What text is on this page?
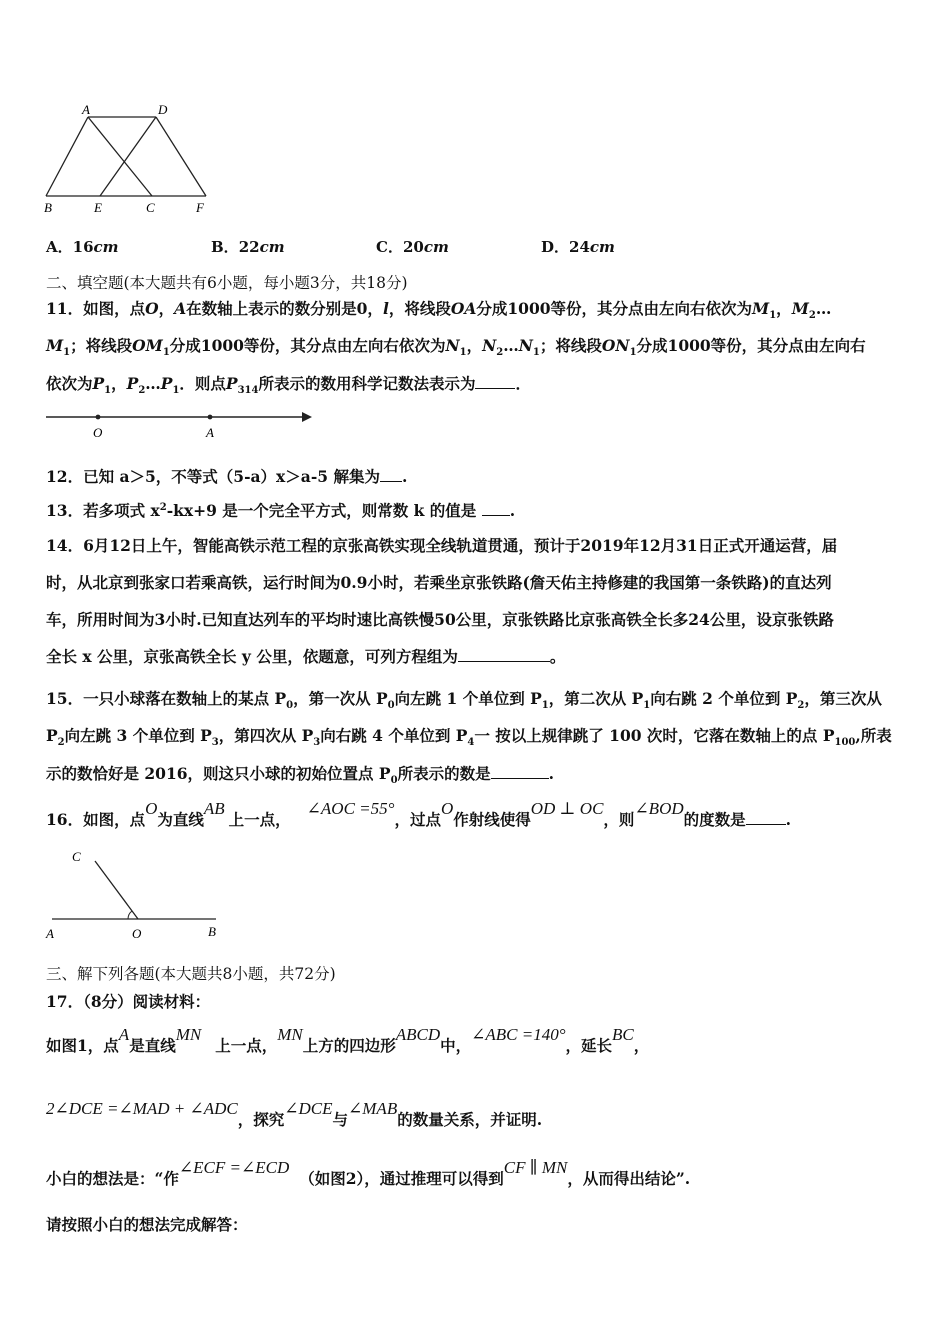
A	D
B	E	C	F
A．16cm	B．22cm	C．20cm	D．24cm
二、填空题(本大题共有6小题，每小题3分，共18分)
11．如图，点O，A在数轴上表示的数分别是0，l，将线段OA分成1000等份，其分点由左向右依次为$M_1$，$M_2\dots$
$M_1$；将线段$OM_1$分成1000等份，其分点由左向右依次为$N_1$，$N_2\dots N_1$；将线段$ON_1$分成1000等份，其分点由左向右
依次为$P_1$，$P_2\dots P_1$．则点$P_{314}$所表示的数用科学记数法表示为	．
O	A
12．已知 a＞5，不等式（5-a）x＞a-5 解集为 .
13．若多项式 $x^2-kx+9$ 是一个完全平方式，则常数 k 的值是 .
14．6月12日上午，智能高铁示范工程的京张高铁实现全线轨道贯通，预计于2019年12月31日正式开通运营，届
时，从北京到张家口若乘高铁，运行时间为0.9小时，若乘坐京张铁路(詹天佑主持修建的我国第一条铁路)的直达列
车，所用时间为3小时.已知直达列车的平均时速比高铁慢50公里，京张铁路比京张高铁全长多24公里，设京张铁路
全长 x 公里，京张高铁全长 y 公里，依题意，可列方程组为	。
15．一只小球落在数轴上的某点 $P_0$，第一次从 $P_0$向左跳 1 个单位到 $P_1$，第二次从 $P_1$向右跳 2 个单位到 $P_2$，第三次从
$P_2$向左跳 3 个单位到 $P_3$，第四次从 $P_3$向右跳 4 个单位到 $P_4$一 按以上规律跳了 100 次时，它落在数轴上的点 $P_{100}$,所表
示的数恰好是 2016，则这只小球的初始位置点 $P_0$所表示的数是	.
16．如图，点O为直线AB上一点，∠AOC =55°，过点O作射线使得OD ⊥ OC，则∠BOD的度数是	.
C
A	O	B
三、解下列各题(本大题共8小题，共72分)
17．（8分）阅读材料：
如图1，点A是直线MN上一点，MN上方的四边形ABCD中，∠ABC =140°，延长BC，
2∠DCE =∠MAD + ∠ADC，探究∠DCE与∠MAB的数量关系，并证明.
小白的想法是：“作∠ECF =∠ECD（如图2），通过推理可以得到CF ∥ MN，从而得出结论”.
请按照小白的想法完成解答：
